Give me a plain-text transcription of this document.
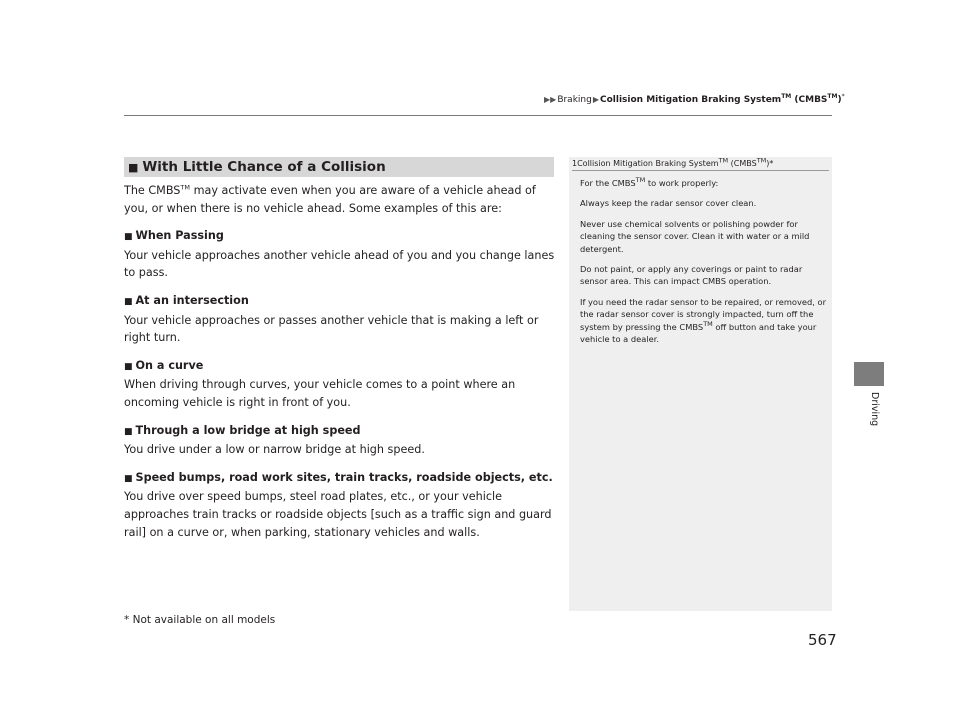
▶▶Braking▶Collision Mitigation Braking System™ (CMBS™)*
Driving
■ With Little Chance of a Collision

The CMBS™ may activate even when you are aware of a vehicle ahead of you, or when there is no vehicle ahead. Some examples of this are:

■ When Passing

Your vehicle approaches another vehicle ahead of you and you change lanes to pass.

■ At an intersection

Your vehicle approaches or passes another vehicle that is making a left or right turn.

■ On a curve

When driving through curves, your vehicle comes to a point where an oncoming vehicle is right in front of you.

■ Through a low bridge at high speed

You drive under a low or narrow bridge at high speed.

■ Speed bumps, road work sites, train tracks, roadside objects, etc.

You drive over speed bumps, steel road plates, etc., or your vehicle approaches train tracks or roadside objects [such as a traffic sign and guard rail] on a curve or, when parking, stationary vehicles and walls.

1Collision Mitigation Braking System™ (CMBS™)*

For the CMBS™ to work properly:

Always keep the radar sensor cover clean.

Never use chemical solvents or polishing powder for cleaning the sensor cover. Clean it with water or a mild detergent.

Do not paint, or apply any coverings or paint to radar sensor area. This can impact CMBS operation.

If you need the radar sensor to be repaired, or removed, or the radar sensor cover is strongly impacted, turn off the system by pressing the CMBS™ off button and take your vehicle to a dealer.

* Not available on all models
567
